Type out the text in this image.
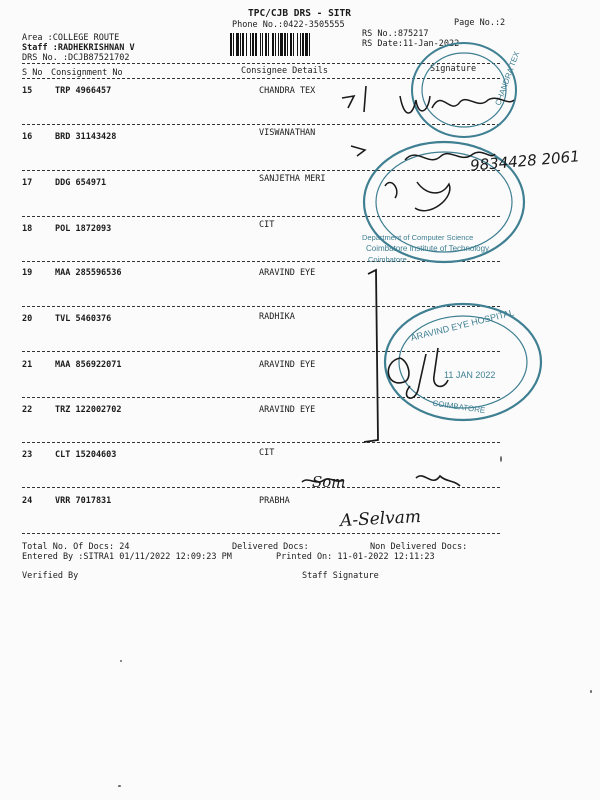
TPC/CJB DRS - SITR
Phone No.:0422-3505555	Page No.:2
Area :COLLEGE ROUTE
Staff :RADHEKRISHNAN V
DRS No. :DCJB87521702
RS No.:875217
RS Date:11-Jan-2022
S No Consignment No	Consignee Details	Signature
15	TRP 4966457	CHANDRA TEX
16	BRD 31143428	VISWANATHAN
17	DDG 654971	SANJETHA MERI
18	POL 1872093	CIT
19	MAA 285596536	ARAVIND EYE
20	TVL 5460376	RADHIKA
21	MAA 856922071	ARAVIND EYE
22	TRZ 122002702	ARAVIND EYE
23	CLT 15204603	CIT
24	VRR 7017831	PRABHA
Total No. Of Docs: 24	Delivered Docs:	Non Delivered Docs:
Entered By :SITRA1 01/11/2022 12:09:23 PM	Printed On: 11-01-2022 12:11:23
Verified By	Staff Signature
CHANDRA TEX
Department of Computer Science
Coimbatore Institute of Technology
Coimbatore
ARAVIND EYE HOSPITAL
11 JAN 2022
COIMBATORE
9834428 2061
Som
A-Selvam
